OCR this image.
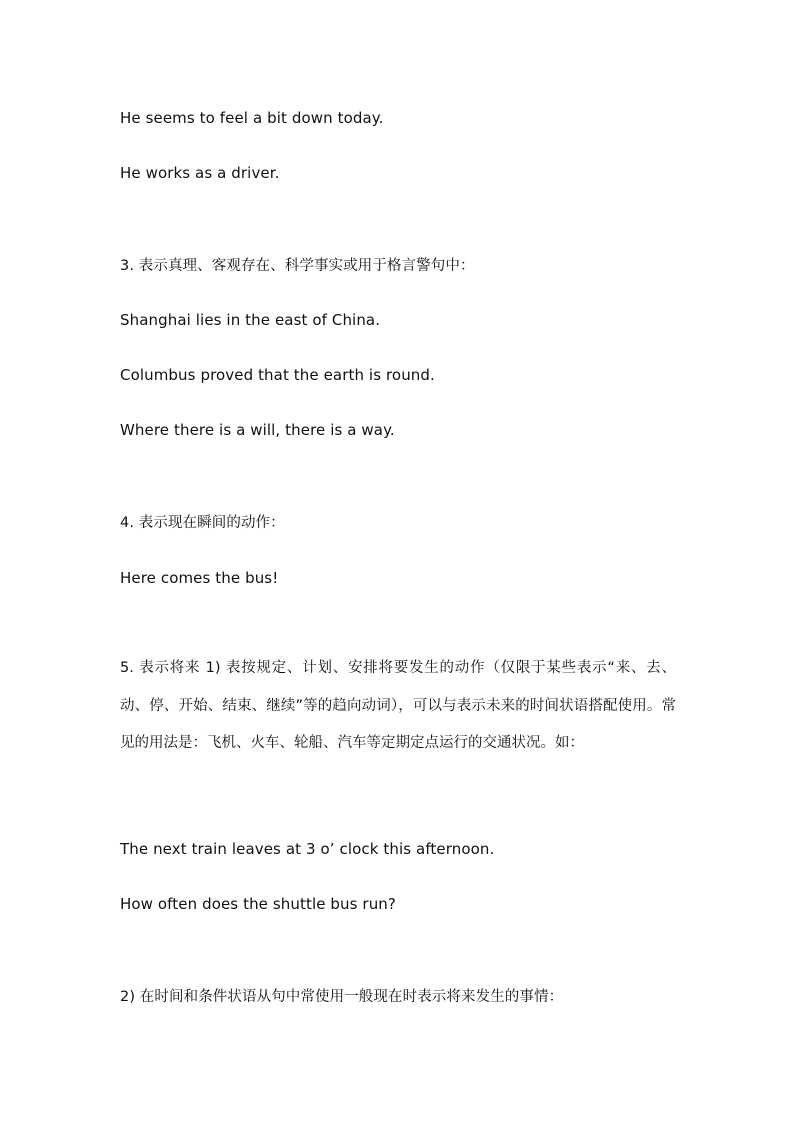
He seems to feel a bit down today.

He works as a driver.

3. 表示真理、客观存在、科学事实或用于格言警句中：

Shanghai lies in the east of China.

Columbus proved that the earth is round.

Where there is a will, there is a way.

4. 表示现在瞬间的动作：

Here comes the bus!

5. 表示将来 1) 表按规定、计划、安排将要发生的动作（仅限于某些表示“来、去、动、停、开始、结束、继续”等的趋向动词），可以与表示未来的时间状语搭配使用。常见的用法是：飞机、火车、轮船、汽车等定期定点运行的交通状况。如：

The next train leaves at 3 o’ clock this afternoon.

How often does the shuttle bus run?

2) 在时间和条件状语从句中常使用一般现在时表示将来发生的事情：
